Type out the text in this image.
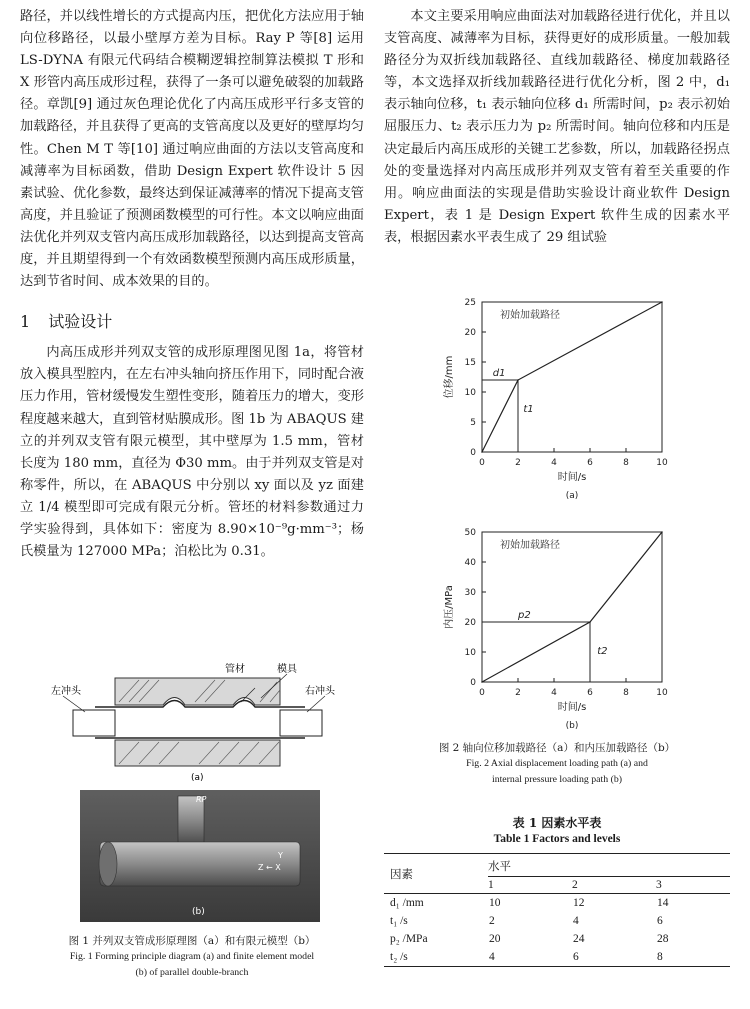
路径，并以线性增长的方式提高内压，把优化方法应用于轴向位移路径，以最小壁厚方差为目标。Ray P 等[8] 运用 LS-DYNA 有限元代码结合模糊逻辑控制算法模拟 T 形和 X 形管内高压成形过程，获得了一条可以避免破裂的加载路径。章凯[9] 通过灰色理论优化了内高压成形平行多支管的加载路径，并且获得了更高的支管高度以及更好的壁厚均匀性。Chen M T 等[10] 通过响应曲面的方法以支管高度和减薄率为目标函数，借助 Design Expert 软件设计 5 因素试验、优化参数，最终达到保证减薄率的情况下提高支管高度，并且验证了预测函数模型的可行性。本文以响应曲面法优化并列双支管内高压成形加载路径，以达到提高支管高度，并且期望得到一个有效函数模型预测内高压成形质量，达到节省时间、成本效果的目的。

1 试验设计

内高压成形并列双支管的成形原理图见图 1a，将管材放入模具型腔内，在左右冲头轴向挤压作用下，同时配合液压力作用，管材缓慢发生塑性变形，随着压力的增大，变形程度越来越大，直到管材贴膜成形。图 1b 为 ABAQUS 建立的并列双支管有限元模型，其中壁厚为 1.5 mm，管材长度为 180 mm，直径为 Φ30 mm。由于并列双支管是对称零件，所以，在 ABAQUS 中分别以 xy 面以及 yz 面建立 1/4 模型即可完成有限元分析。管坯的材料参数通过力学实验得到，具体如下：密度为 8.90×10⁻⁹g·mm⁻³；杨氏模量为 127000 MPa；泊松比为 0.31。

管材	模具
左冲头	右冲头
(a)
RP
Y
Z ← X
(b)
图 1 并列双支管成形原理图（a）和有限元模型（b）
Fig. 1 Forming principle diagram (a) and finite element model
(b) of parallel double-branch

本文主要采用响应曲面法对加载路径进行优化，并且以支管高度、减薄率为目标，获得更好的成形质量。一般加载路径分为双折线加载路径、直线加载路径、梯度加载路径等，本文选择双折线加载路径进行优化分析，图 2 中，d₁ 表示轴向位移，t₁ 表示轴向位移 d₁ 所需时间，p₂ 表示初始屈服压力、t₂ 表示压力为 p₂ 所需时间。轴向位移和内压是决定最后内高压成形的关键工艺参数，所以，加载路径拐点处的变量选择对内高压成形并列双支管有着至关重要的作用。响应曲面法的实现是借助实验设计商业软件 Design Expert，表 1 是 Design Expert 软件生成的因素水平表，根据因素水平表生成了 29 组试验

0	2	4	6	8	10
0
5
10
15
20
25
初始加载路径
d1
t1
时间/s
位移/mm
(a)
0	2	4	6	8	10
0
10
20
30
40
50
初始加载路径
p2
t2
时间/s
内压/MPa
(b)
图 2 轴向位移加载路径（a）和内压加载路径（b）
Fig. 2 Axial displacement loading path (a) and
internal pressure loading path (b)
表 1 因素水平表
Table 1 Factors and levels
因素	水平		
	1	2	3
d₁ /mm	10	12	14
t₁ /s	2	4	6
p₂ /MPa	20	24	28
t₂ /s	4	6	8
